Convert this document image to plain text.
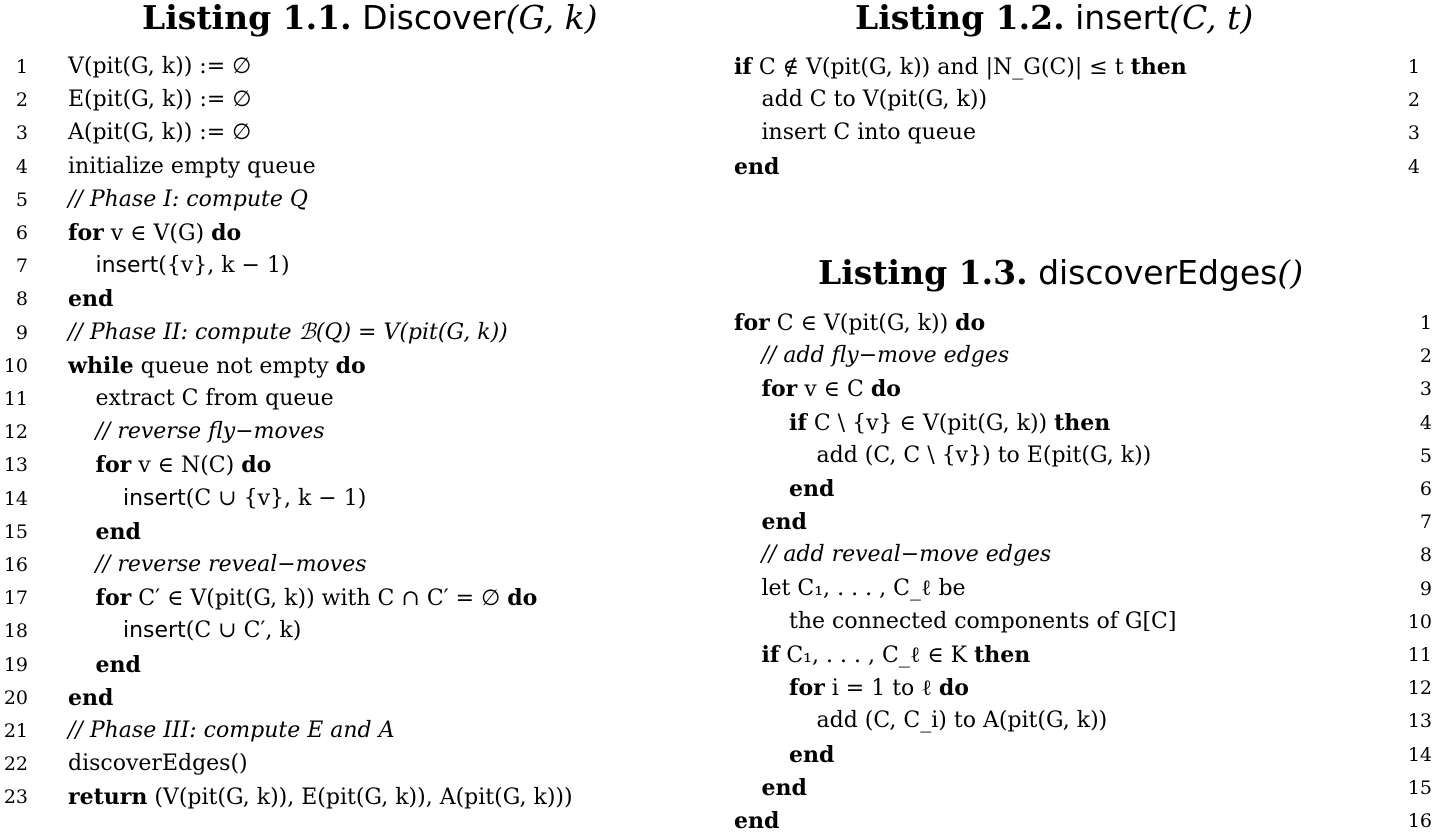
Listing 1.1. Discover(G, k)	Listing 1.2. insert(C, t)
Listing 1.3. discoverEdges()
1 V(pit(G, k)) := ∅
2 E(pit(G, k)) := ∅
3 A(pit(G, k)) := ∅
4 initialize empty queue
5 // Phase I: compute Q
6 for v ∈ V(G) do
7	insert({v}, k − 1)
8 end
9 // Phase II: compute ℬ(Q) = V(pit(G, k))
10 while queue not empty do
11	extract C from queue
12	// reverse fly−moves
13	for v ∈ N(C) do
14	insert(C ∪ {v}, k − 1)
15	end
16	// reverse reveal−moves
17	for C′ ∈ V(pit(G, k)) with C ∩ C′ = ∅ do
18	insert(C ∪ C′, k)
19	end
20 end
21 // Phase III: compute E and A
22 discoverEdges()
23 return (V(pit(G, k)), E(pit(G, k)), A(pit(G, k)))
1
if C ∉ V(pit(G, k)) and |N_G(C)| ≤ t then
2
add C to V(pit(G, k))
3
insert C into queue
4
end
1
for C ∈ V(pit(G, k)) do
2
// add fly−move edges
3
for v ∈ C do
4
if C \ {v} ∈ V(pit(G, k)) then
5
add (C, C \ {v}) to E(pit(G, k))
6
end
7
end
8
// add reveal−move edges
9
let C₁, . . . , C_ℓ be
10
the connected components of G[C]
11
if C₁, . . . , C_ℓ ∈ K then
12
for i = 1 to ℓ do
13
add (C, C_i) to A(pit(G, k))
14
end
15
end
16
end
